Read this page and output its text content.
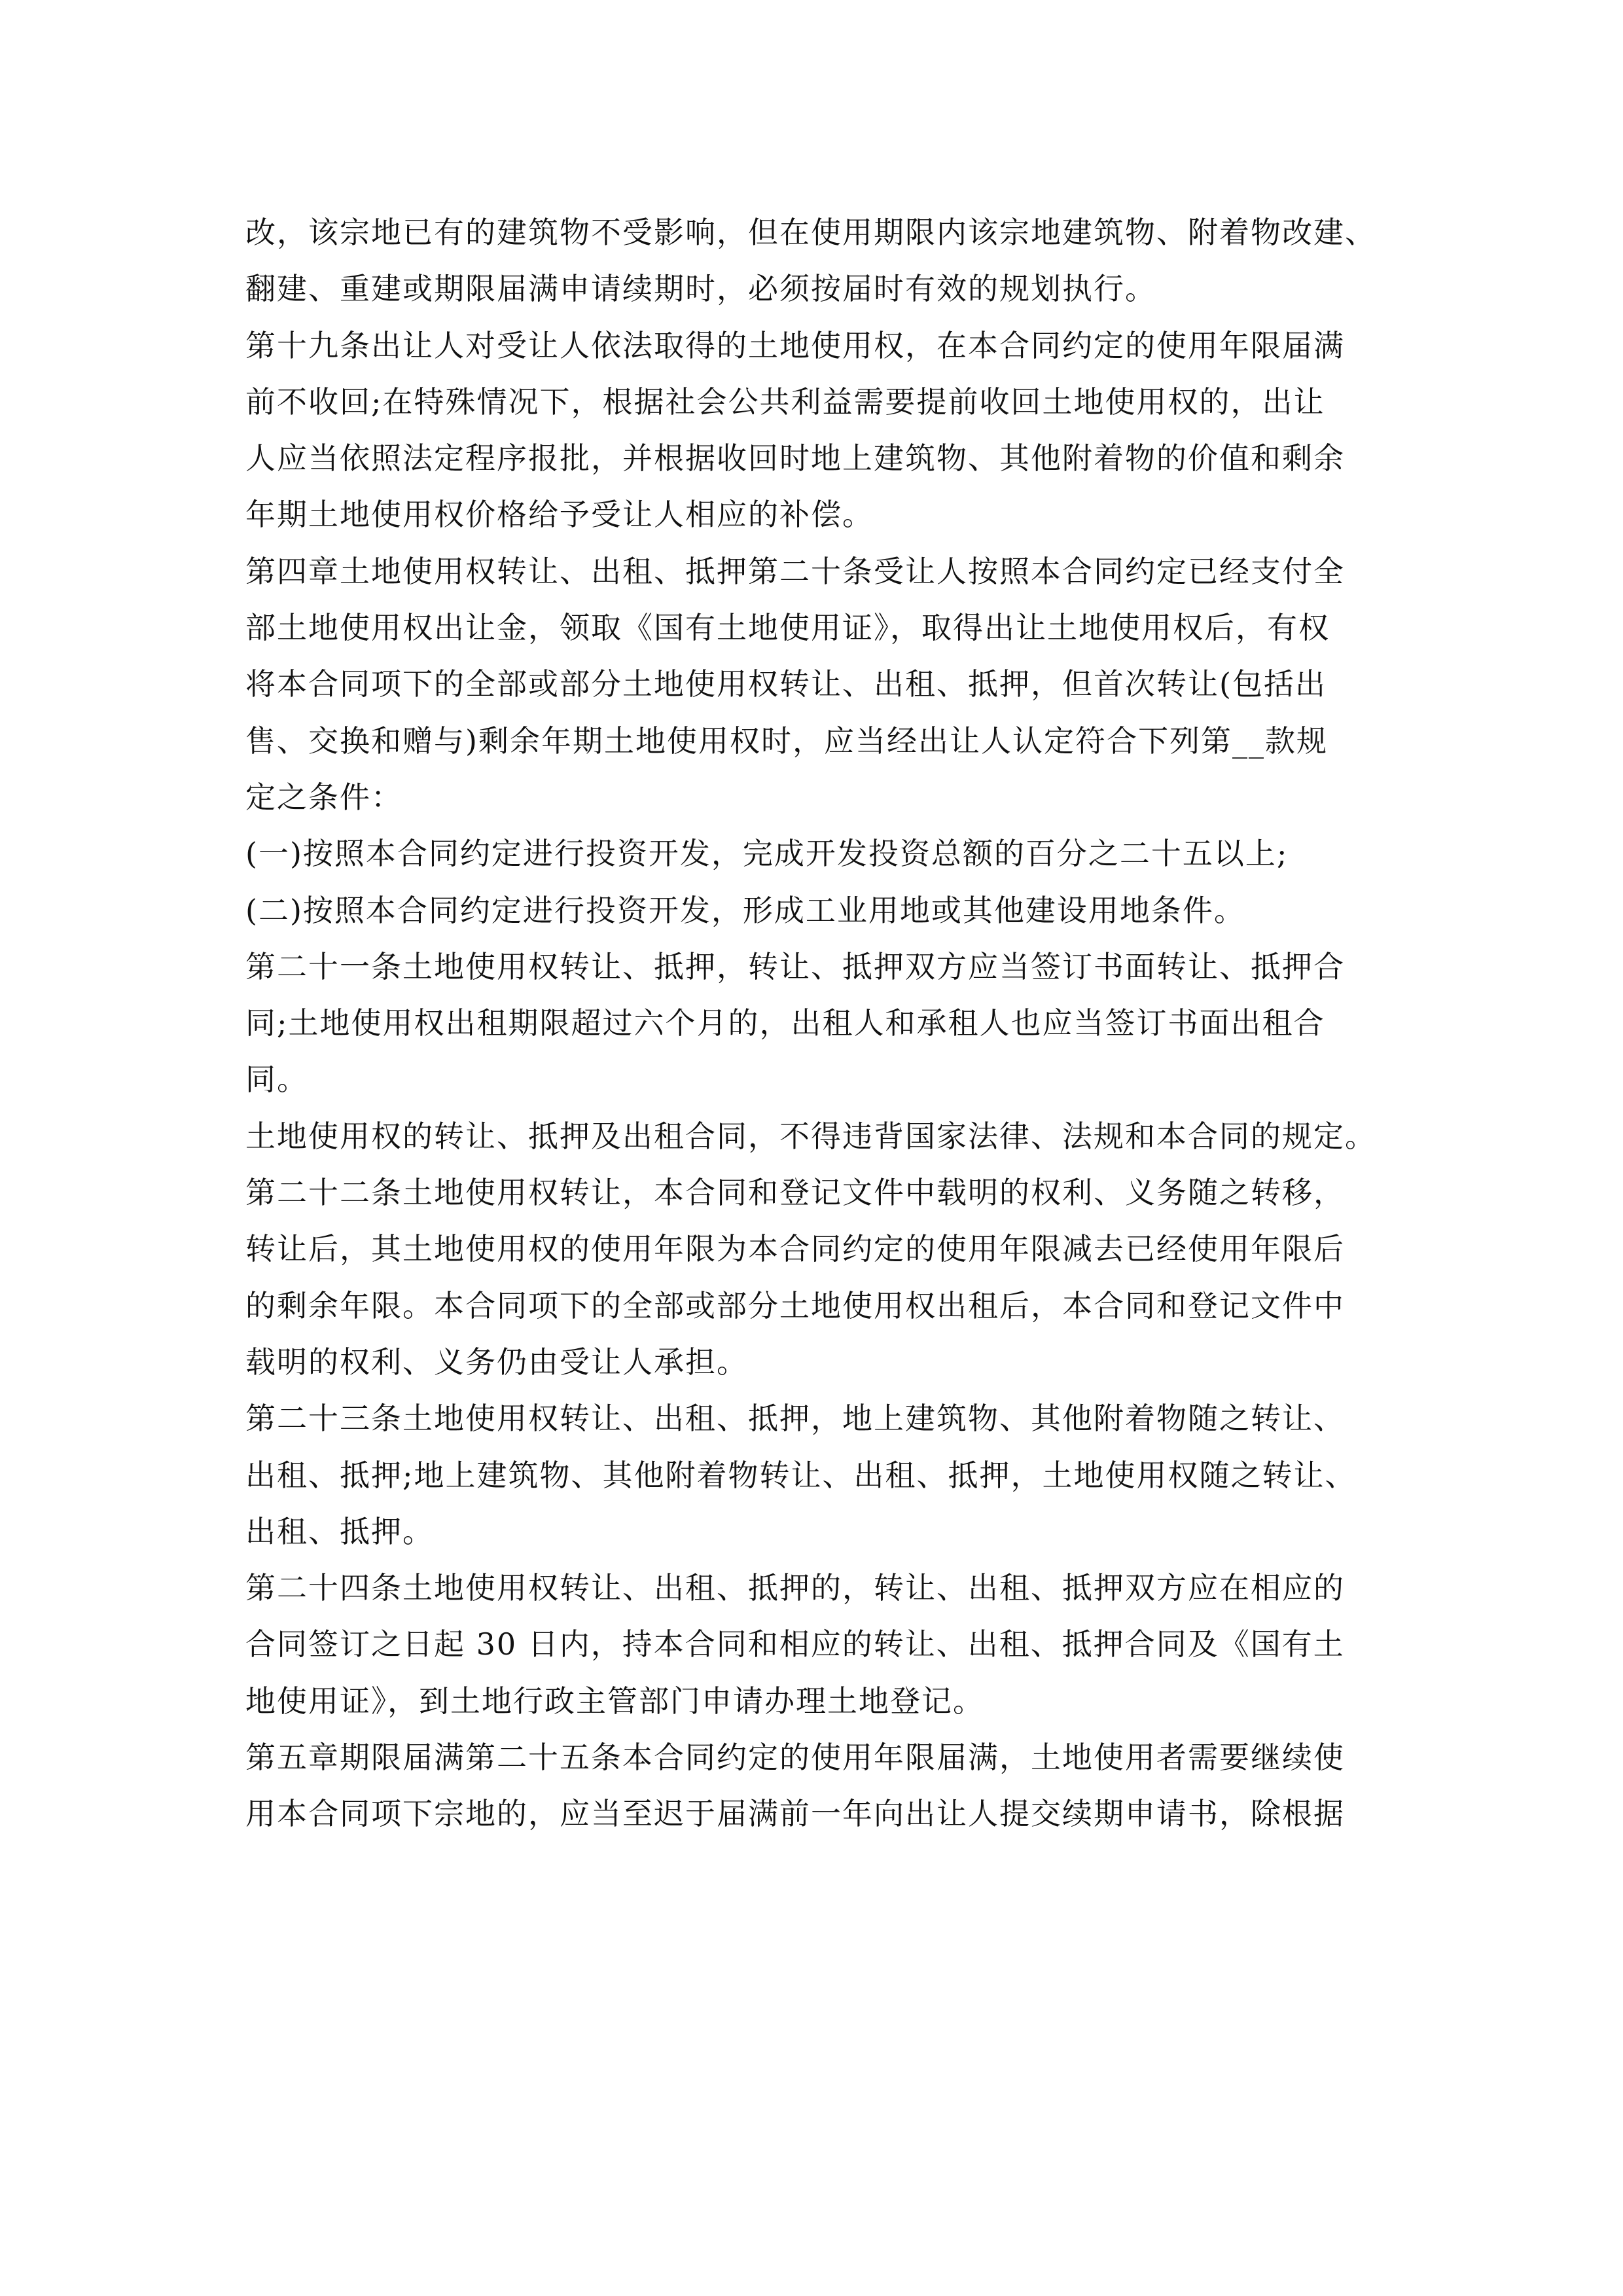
改，该宗地已有的建筑物不受影响，但在使用期限内该宗地建筑物、附着物改建、
翻建、重建或期限届满申请续期时，必须按届时有效的规划执行。
第十九条出让人对受让人依法取得的土地使用权，在本合同约定的使用年限届满
前不收回;在特殊情况下，根据社会公共利益需要提前收回土地使用权的，出让
人应当依照法定程序报批，并根据收回时地上建筑物、其他附着物的价值和剩余
年期土地使用权价格给予受让人相应的补偿。
第四章土地使用权转让、出租、抵押第二十条受让人按照本合同约定已经支付全
部土地使用权出让金，领取《国有土地使用证》，取得出让土地使用权后，有权
将本合同项下的全部或部分土地使用权转让、出租、抵押，但首次转让(包括出
售、交换和赠与)剩余年期土地使用权时，应当经出让人认定符合下列第__款规
定之条件：
(一)按照本合同约定进行投资开发，完成开发投资总额的百分之二十五以上;
(二)按照本合同约定进行投资开发，形成工业用地或其他建设用地条件。
第二十一条土地使用权转让、抵押，转让、抵押双方应当签订书面转让、抵押合
同;土地使用权出租期限超过六个月的，出租人和承租人也应当签订书面出租合
同。
土地使用权的转让、抵押及出租合同，不得违背国家法律、法规和本合同的规定。
第二十二条土地使用权转让，本合同和登记文件中载明的权利、义务随之转移，
转让后，其土地使用权的使用年限为本合同约定的使用年限减去已经使用年限后
的剩余年限。本合同项下的全部或部分土地使用权出租后，本合同和登记文件中
载明的权利、义务仍由受让人承担。
第二十三条土地使用权转让、出租、抵押，地上建筑物、其他附着物随之转让、
出租、抵押;地上建筑物、其他附着物转让、出租、抵押，土地使用权随之转让、
出租、抵押。
第二十四条土地使用权转让、出租、抵押的，转让、出租、抵押双方应在相应的
合同签订之日起 30 日内，持本合同和相应的转让、出租、抵押合同及《国有土
地使用证》，到土地行政主管部门申请办理土地登记。
第五章期限届满第二十五条本合同约定的使用年限届满，土地使用者需要继续使
用本合同项下宗地的，应当至迟于届满前一年向出让人提交续期申请书，除根据
